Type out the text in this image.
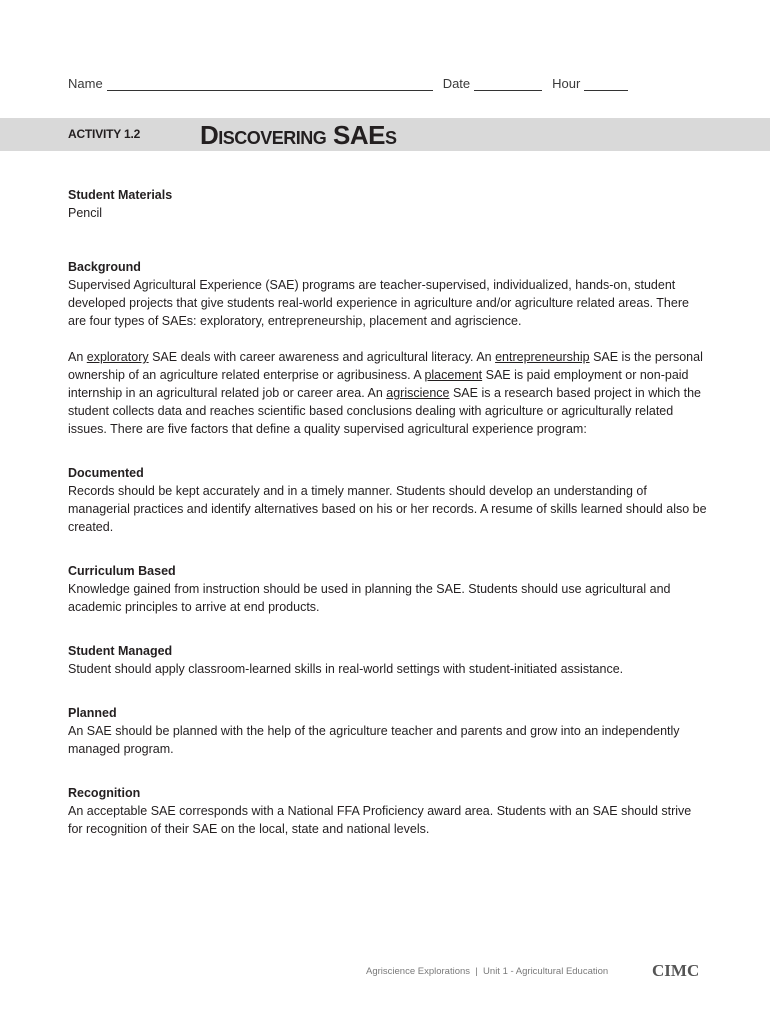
Name	Date	Hour
ACTIVITY 1.2 Discovering SAEs
Student Materials
Pencil
Background
Supervised Agricultural Experience (SAE) programs are teacher-supervised, individualized, hands-on, student developed projects that give students real-world experience in agriculture and/or agriculture related areas. There are four types of SAEs: exploratory, entrepreneurship, placement and agriscience.
An exploratory SAE deals with career awareness and agricultural literacy. An entrepreneurship SAE is the personal ownership of an agriculture related enterprise or agribusiness. A placement SAE is paid employment or non-paid internship in an agricultural related job or career area. An agriscience SAE is a research based project in which the student collects data and reaches scientific based conclusions dealing with agriculture or agriculturally related issues. There are five factors that define a quality supervised agricultural experience program:
Documented
Records should be kept accurately and in a timely manner. Students should develop an understanding of managerial practices and identify alternatives based on his or her records. A resume of skills learned should also be created.
Curriculum Based
Knowledge gained from instruction should be used in planning the SAE. Students should use agricultural and academic principles to arrive at end products.
Student Managed
Student should apply classroom-learned skills in real-world settings with student-initiated assistance.
Planned
An SAE should be planned with the help of the agriculture teacher and parents and grow into an independently managed program.
Recognition
An acceptable SAE corresponds with a National FFA Proficiency award area. Students with an SAE should strive for recognition of their SAE on the local, state and national levels.
Agriscience Explorations  |  Unit 1 - Agricultural Education	CIMC
